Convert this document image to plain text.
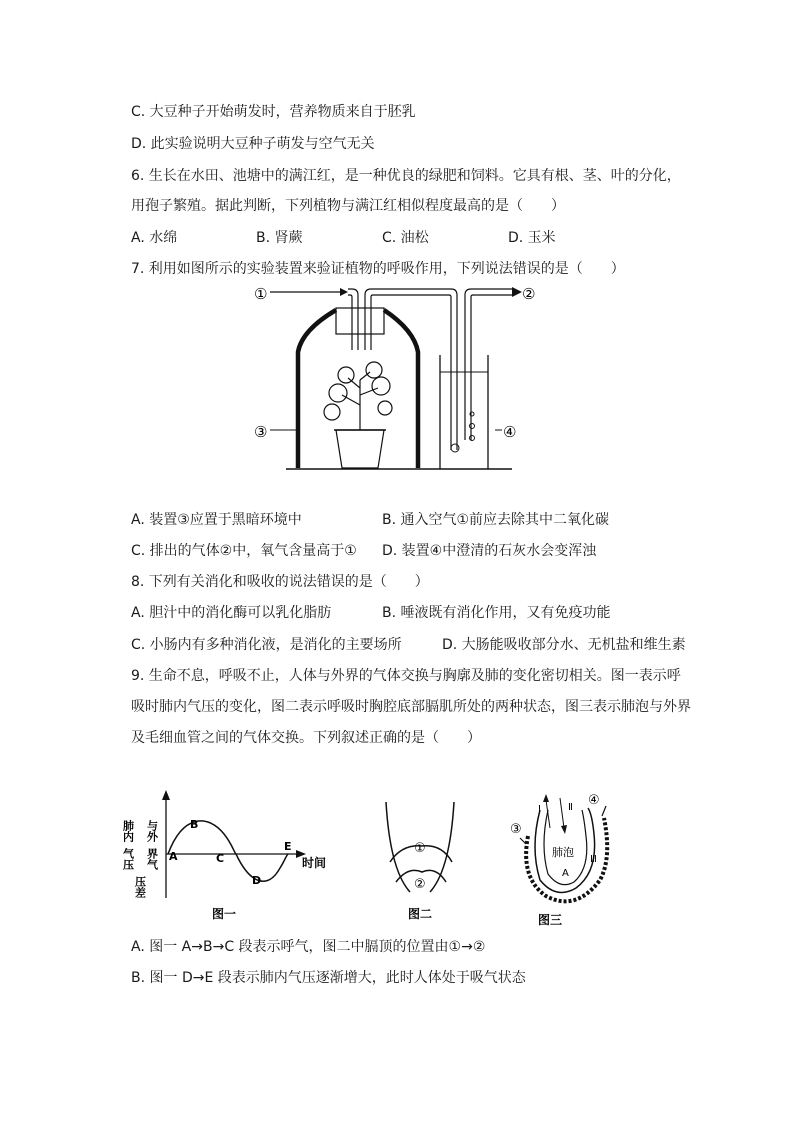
C. 大豆种子开始萌发时，营养物质来自于胚乳
D. 此实验说明大豆种子萌发与空气无关
6. 生长在水田、池塘中的满江红，是一种优良的绿肥和饲料。它具有根、茎、叶的分化，
用孢子繁殖。据此判断，下列植物与满江红相似程度最高的是（　　）
A. 水绵	B. 肾蕨	C. 油松	D. 玉米
7. 利用如图所示的实验装置来验证植物的呼吸作用，下列说法错误的是（　　）
①	②
③	④
A. 装置③应置于黑暗环境中	B. 通入空气①前应去除其中二氧化碳
C. 排出的气体②中，氧气含量高于① D. 装置④中澄清的石灰水会变浑浊
8. 下列有关消化和吸收的说法错误的是（　　）
A. 胆汁中的消化酶可以乳化脂肪	B. 唾液既有消化作用，又有免疫功能
C. 小肠内有多种消化液，是消化的主要场所	D. 大肠能吸收部分水、无机盐和维生素
9. 生命不息，呼吸不止，人体与外界的气体交换与胸廓及肺的变化密切相关。图一表示呼
吸时肺内气压的变化，图二表示呼吸时胸腔底部膈肌所处的两种状态，图三表示肺泡与外界
及毛细血管之间的气体交换。下列叙述正确的是（　　）
肺内
气压
与外
界气
压差
A
B
C
D
E
时间
图一
①
②
图二
③
④
Ⅰ	Ⅱ
Ⅲ
A
肺泡
图三
A. 图一 A→B→C 段表示呼气，图二中膈顶的位置由①→②
B. 图一 D→E 段表示肺内气压逐渐增大，此时人体处于吸气状态
